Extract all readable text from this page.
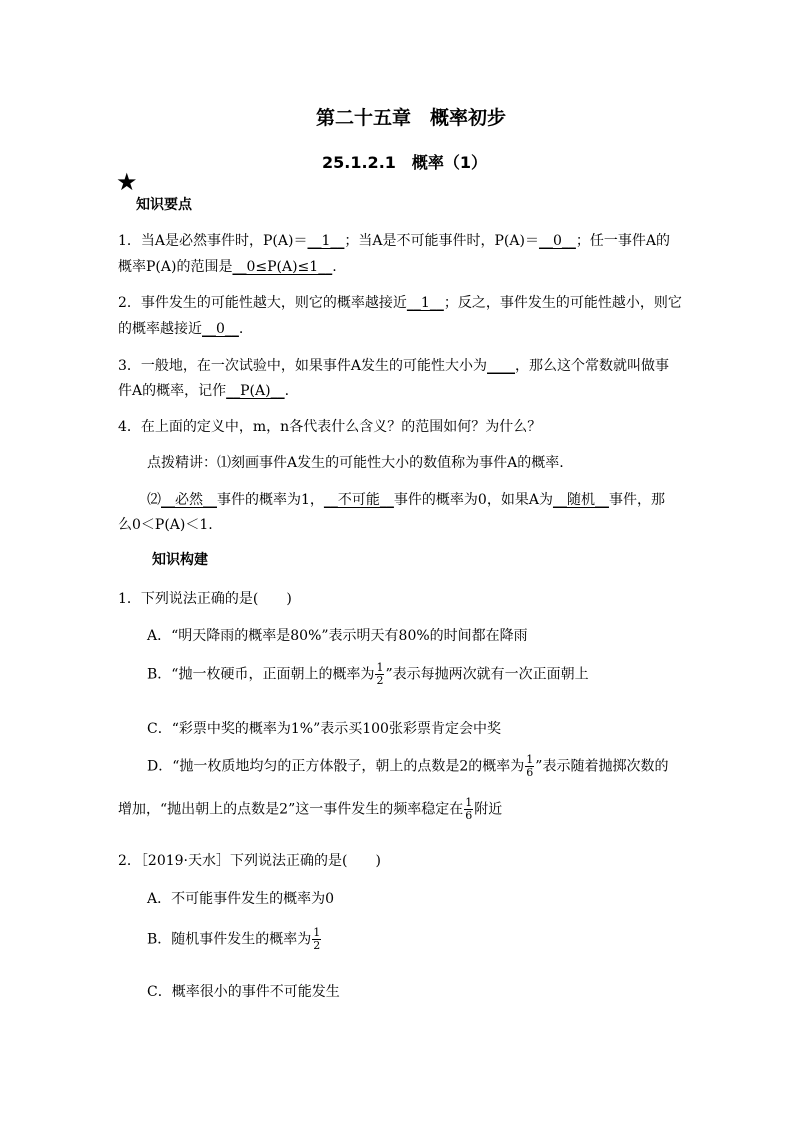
第二十五章　概率初步
25.1.2.1　概率（1）
★
知识要点
1．当A是必然事件时，P(A)＝__1__；当A是不可能事件时，P(A)＝__0__；任一事件A的
概率P(A)的范围是__0≤P(A)≤1__.
2．事件发生的可能性越大，则它的概率越接近__1__；反之，事件发生的可能性越小，则它
的概率越接近__0__.
3．一般地，在一次试验中，如果事件A发生的可能性大小为____，那么这个常数就叫做事
件A的概率，记作__P(A)__.
4．在上面的定义中，m，n各代表什么含义？的范围如何？为什么？
点拨精讲：⑴刻画事件A发生的可能性大小的数值称为事件A的概率.
⑵__必然__事件的概率为1，__不可能__事件的概率为0，如果A为__随机__事件，那
么0＜P(A)＜1.
知识构建
1．下列说法正确的是(　　)
A．“明天降雨的概率是80%”表示明天有80%的时间都在降雨
B．“抛一枚硬币，正面朝上的概率为 $\frac{1}{2}$ ”表示每抛两次就有一次正面朝上
C．“彩票中奖的概率为1%”表示买100张彩票肯定会中奖
D．“抛一枚质地均匀的正方体骰子，朝上的点数是2的概率为 $\frac{1}{6}$ ”表示随着抛掷次数的
增加，“抛出朝上的点数是2”这一事件发生的频率稳定在 $\frac{1}{6}$ 附近
2．［2019·天水］下列说法正确的是(　　)
A．不可能事件发生的概率为0
B．随机事件发生的概率为 $\frac{1}{2}$
C．概率很小的事件不可能发生
